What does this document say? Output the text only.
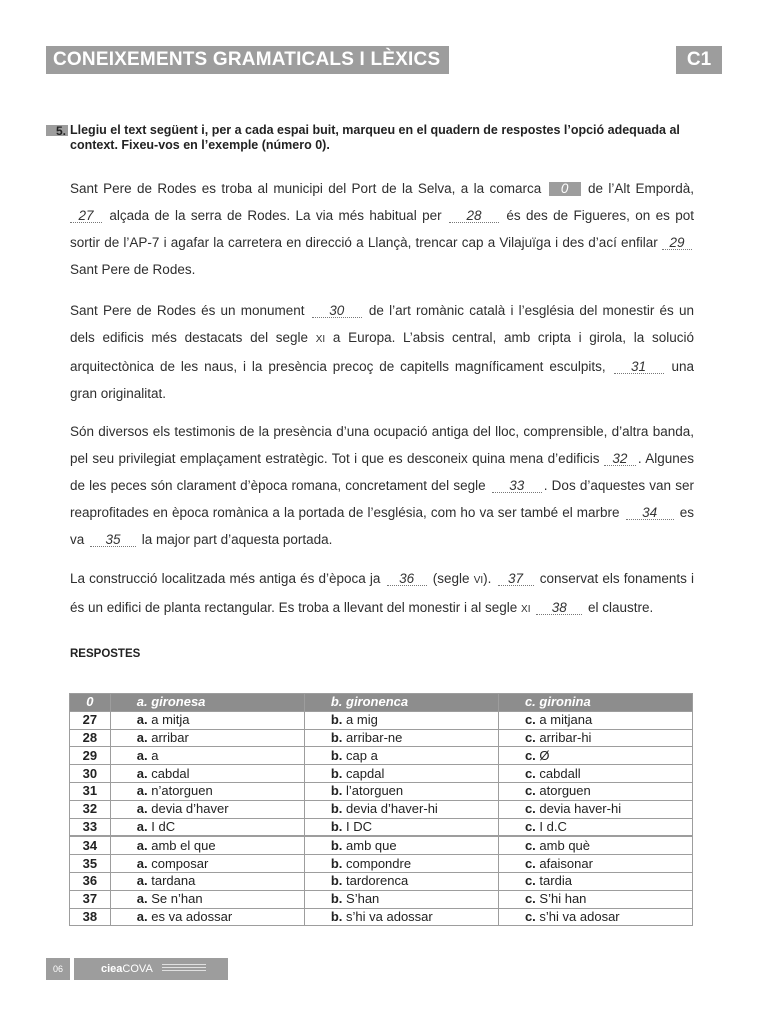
CONEIXEMENTS GRAMATICALS I LÈXICS	C1
5. Llegiu el text següent i, per a cada espai buit, marqueu en el quadern de respostes l’opció adequada al context. Fixeu-vos en l’exemple (número 0).
Sant Pere de Rodes es troba al municipi del Port de la Selva, a la comarca 0 de l’Alt Empordà, 27 alçada de la serra de Rodes. La via més habitual per 28 és des de Figueres, on es pot sortir de l’AP-7 i agafar la carretera en direcció a Llançà, trencar cap a Vilajuïga i des d’ací enfilar 29 Sant Pere de Rodes.
Sant Pere de Rodes és un monument 30 de l’art romànic català i l’església del monestir és un dels edificis més destacats del segle XI a Europa. L’absis central, amb cripta i girola, la solució arquitectònica de les naus, i la presència precoç de capitells magníficament esculpits, 31 una gran originalitat.
Són diversos els testimonis de la presència d’una ocupació antiga del lloc, comprensible, d’altra banda, pel seu privilegiat emplaçament estratègic. Tot i que es desconeix quina mena d’edificis 32 . Algunes de les peces són clarament d’època romana, concretament del segle 33 . Dos d’aquestes van ser reaprofitades en època romànica a la portada de l’església, com ho va ser també el marbre 34 es va 35 la major part d’aquesta portada.
La construcció localitzada més antiga és d’època ja 36 (segle VI). 37 conservat els fonaments i és un edifici de planta rectangular. Es troba a llevant del monestir i al segle XI 38 el claustre.
RESPOSTES
0	a. gironesa	b. gironenca	c. gironina
27	a. a mitja	b. a mig	c. a mitjana
28	a. arribar	b. arribar-ne	c. arribar-hi
29	a. a	b. cap a	c. Ø
30	a. cabdal	b. capdal	c. cabdall
31	a. n’atorguen	b. l’atorguen	c. atorguen
32	a. devia d’haver	b. devia d’haver-hi	c. devia haver-hi
33	a. I dC	b. I DC	c. I d.C
34	a. amb el que	b. amb que	c. amb què
35	a. composar	b. compondre	c. afaisonar
36	a. tardana	b. tardorenca	c. tardia
37	a. Se n’han	b. S’han	c. S’hi han
38	a. es va adossar	b. s’hi va adossar	c. s’hi va adosar
06	cieaCOVA
